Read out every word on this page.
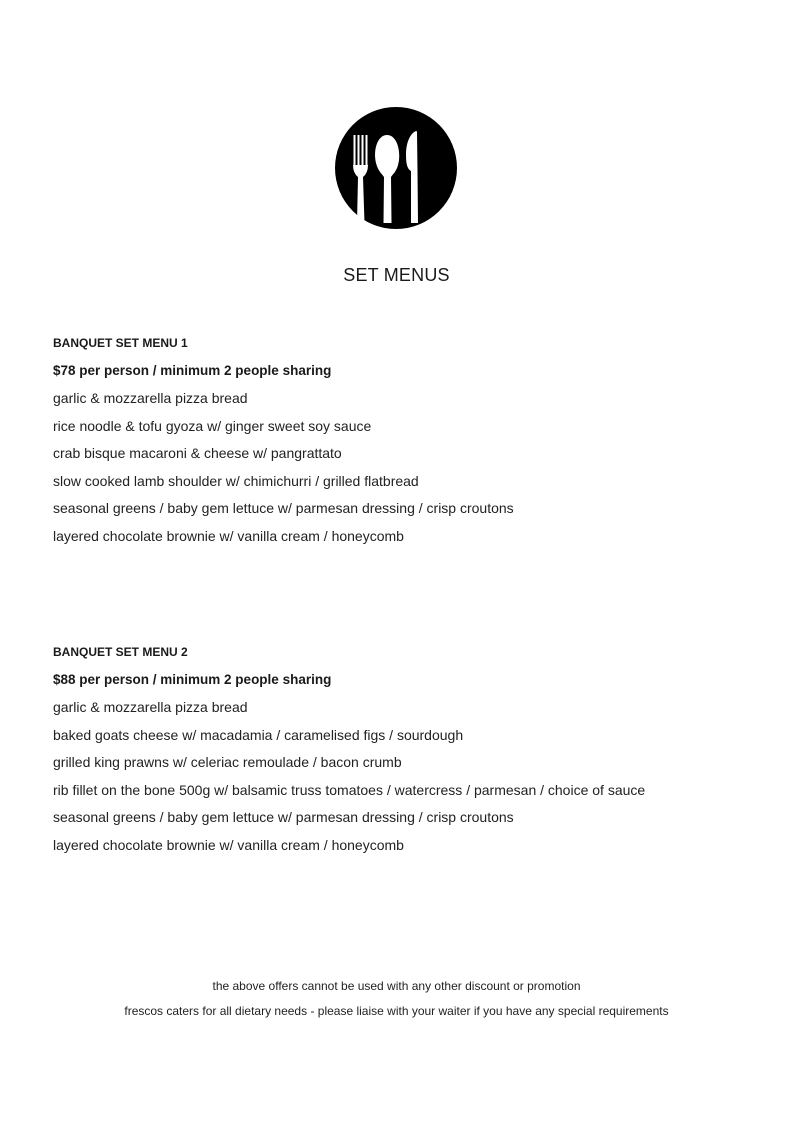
SET MENUS
BANQUET SET MENU 1
$78 per person / minimum 2 people sharing
garlic & mozzarella pizza bread
rice noodle & tofu gyoza w/ ginger sweet soy sauce
crab bisque macaroni & cheese w/ pangrattato
slow cooked lamb shoulder w/ chimichurri / grilled flatbread
seasonal greens / baby gem lettuce w/ parmesan dressing / crisp croutons
layered chocolate brownie w/ vanilla cream / honeycomb
BANQUET SET MENU 2
$88 per person / minimum 2 people sharing
garlic & mozzarella pizza bread
baked goats cheese w/ macadamia / caramelised figs / sourdough
grilled king prawns w/ celeriac remoulade / bacon crumb
rib fillet on the bone 500g w/ balsamic truss tomatoes / watercress / parmesan / choice of sauce
seasonal greens / baby gem lettuce w/ parmesan dressing / crisp croutons
layered chocolate brownie w/ vanilla cream / honeycomb
the above offers cannot be used with any other discount or promotion
frescos caters for all dietary needs - please liaise with your waiter if you have any special requirements
